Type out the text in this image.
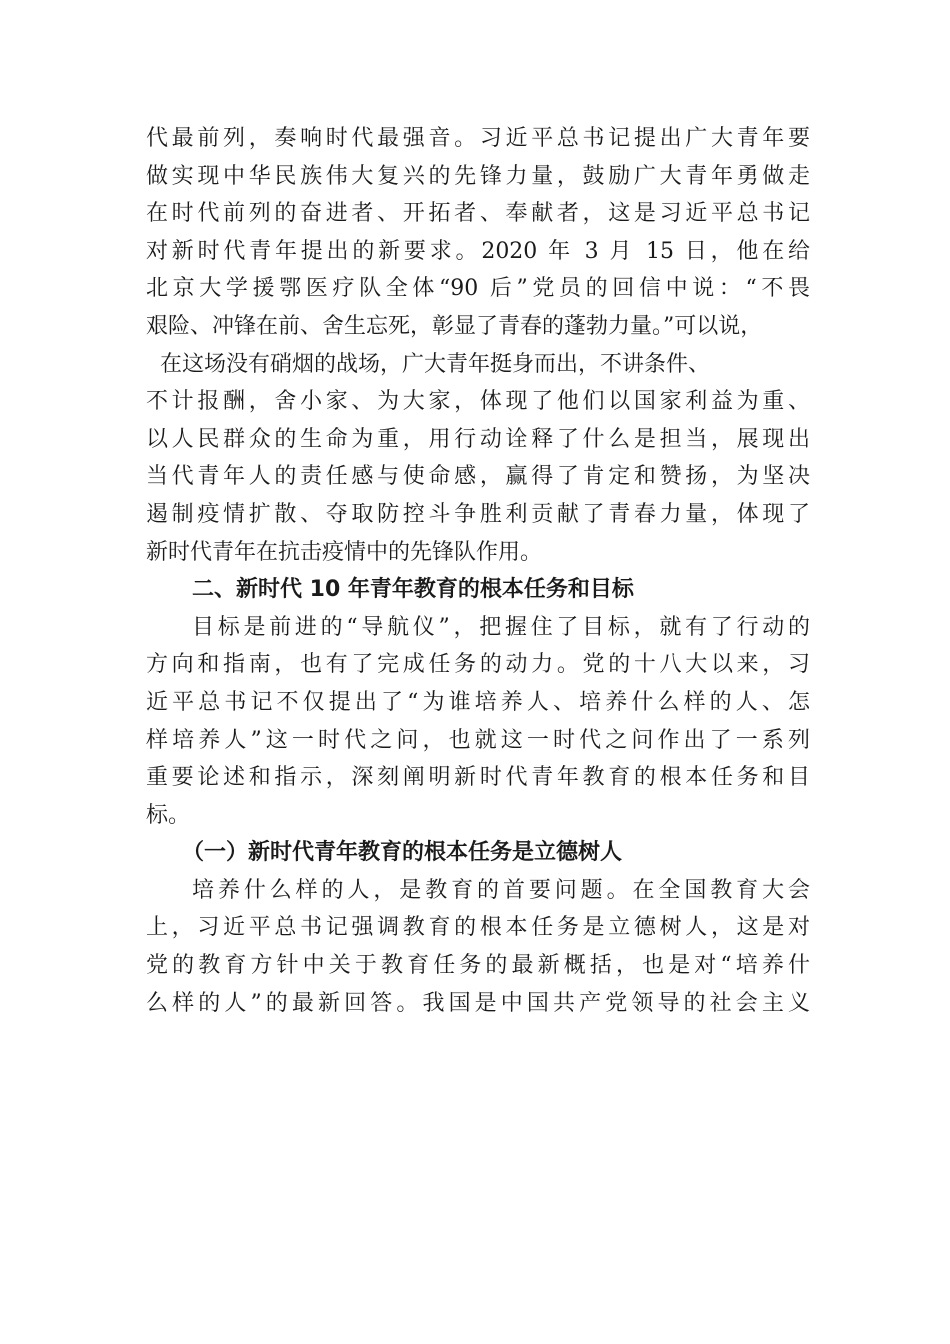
代最前列，奏响时代最强音。习近平总书记提出广大青年要
做实现中华民族伟大复兴的先锋力量，鼓励广大青年勇做走
在时代前列的奋进者、开拓者、奉献者，这是习近平总书记
对新时代青年提出的新要求。2020 年 3 月 15 日，他在给
北京大学援鄂医疗队全体“90 后”党员的回信中说：“不畏
艰险、冲锋在前、舍生忘死，彰显了青春的蓬勃力量。”可以说，
在这场没有硝烟的战场，广大青年挺身而出，不讲条件、
不计报酬，舍小家、为大家，体现了他们以国家利益为重、
以人民群众的生命为重，用行动诠释了什么是担当，展现出
当代青年人的责任感与使命感，赢得了肯定和赞扬，为坚决
遏制疫情扩散、夺取防控斗争胜利贡献了青春力量，体现了
新时代青年在抗击疫情中的先锋队作用。
二、新时代 10 年青年教育的根本任务和目标
目标是前进的“导航仪”，把握住了目标，就有了行动的
方向和指南，也有了完成任务的动力。党的十八大以来，习
近平总书记不仅提出了“为谁培养人、培养什么样的人、怎
样培养人”这一时代之问，也就这一时代之问作出了一系列
重要论述和指示，深刻阐明新时代青年教育的根本任务和目
标。
（一）新时代青年教育的根本任务是立德树人
培养什么样的人，是教育的首要问题。在全国教育大会
上，习近平总书记强调教育的根本任务是立德树人，这是对
党的教育方针中关于教育任务的最新概括，也是对“培养什
么样的人”的最新回答。我国是中国共产党领导的社会主义
